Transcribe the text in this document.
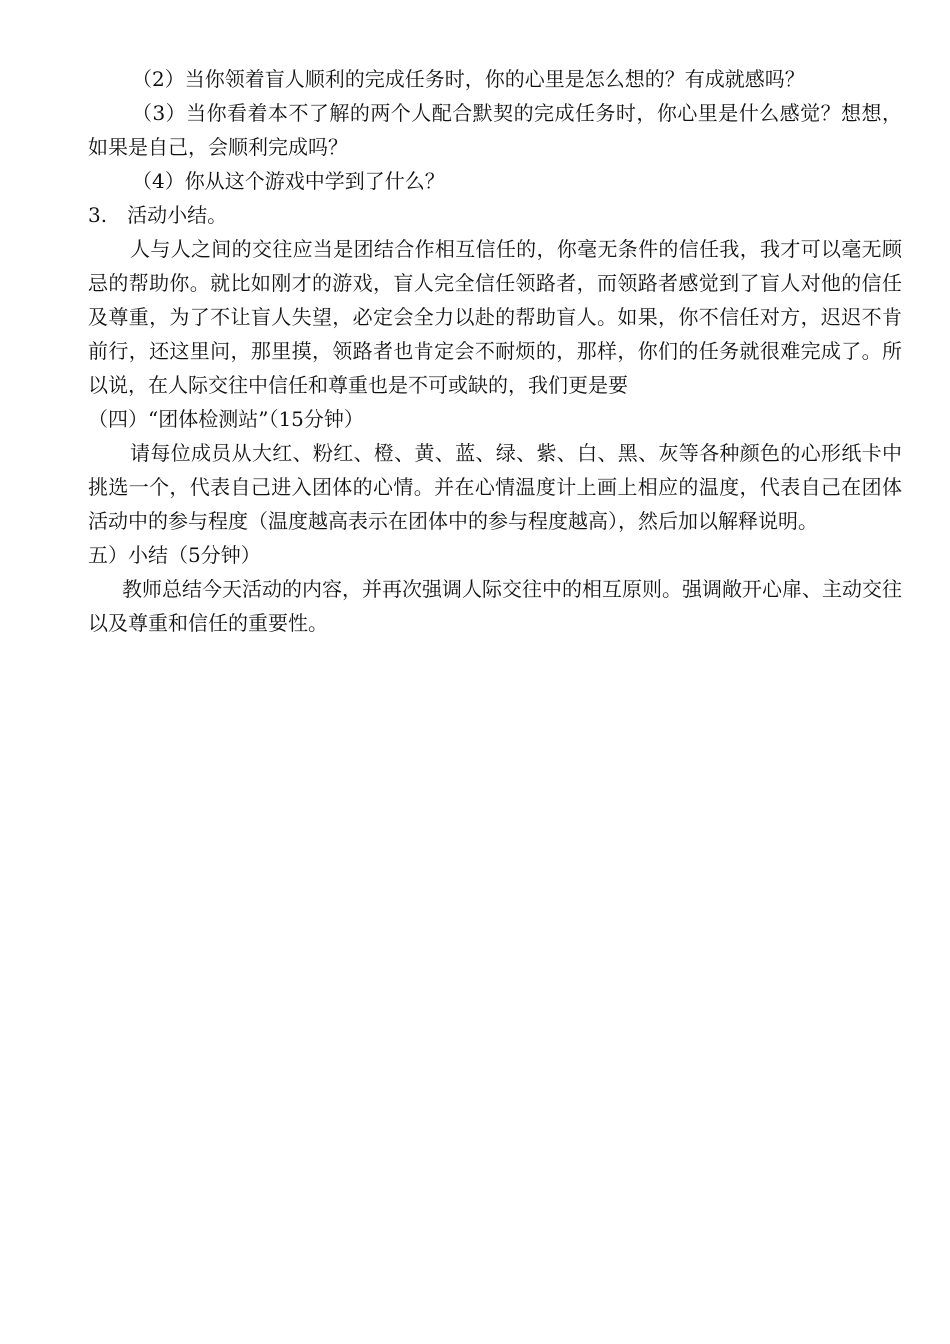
（2）当你领着盲人顺利的完成任务时，你的心里是怎么想的？有成就感吗？

（3）当你看着本不了解的两个人配合默契的完成任务时，你心里是什么感觉？想想，如果是自己，会顺利完成吗？

（4）你从这个游戏中学到了什么？

3.　活动小结。

人与人之间的交往应当是团结合作相互信任的，你毫无条件的信任我，我才可以毫无顾忌的帮助你。就比如刚才的游戏，盲人完全信任领路者，而领路者感觉到了盲人对他的信任及尊重，为了不让盲人失望，必定会全力以赴的帮助盲人。如果，你不信任对方，迟迟不肯前行，还这里问，那里摸，领路者也肯定会不耐烦的，那样，你们的任务就很难完成了。所以说，在人际交往中信任和尊重也是不可或缺的，我们更是要

（四）“团体检测站”（15分钟）

请每位成员从大红、粉红、橙、黄、蓝、绿、紫、白、黑、灰等各种颜色的心形纸卡中挑选一个，代表自己进入团体的心情。并在心情温度计上画上相应的温度，代表自己在团体活动中的参与程度（温度越高表示在团体中的参与程度越高），然后加以解释说明。

五）小结（5分钟）

教师总结今天活动的内容，并再次强调人际交往中的相互原则。强调敞开心扉、主动交往以及尊重和信任的重要性。
